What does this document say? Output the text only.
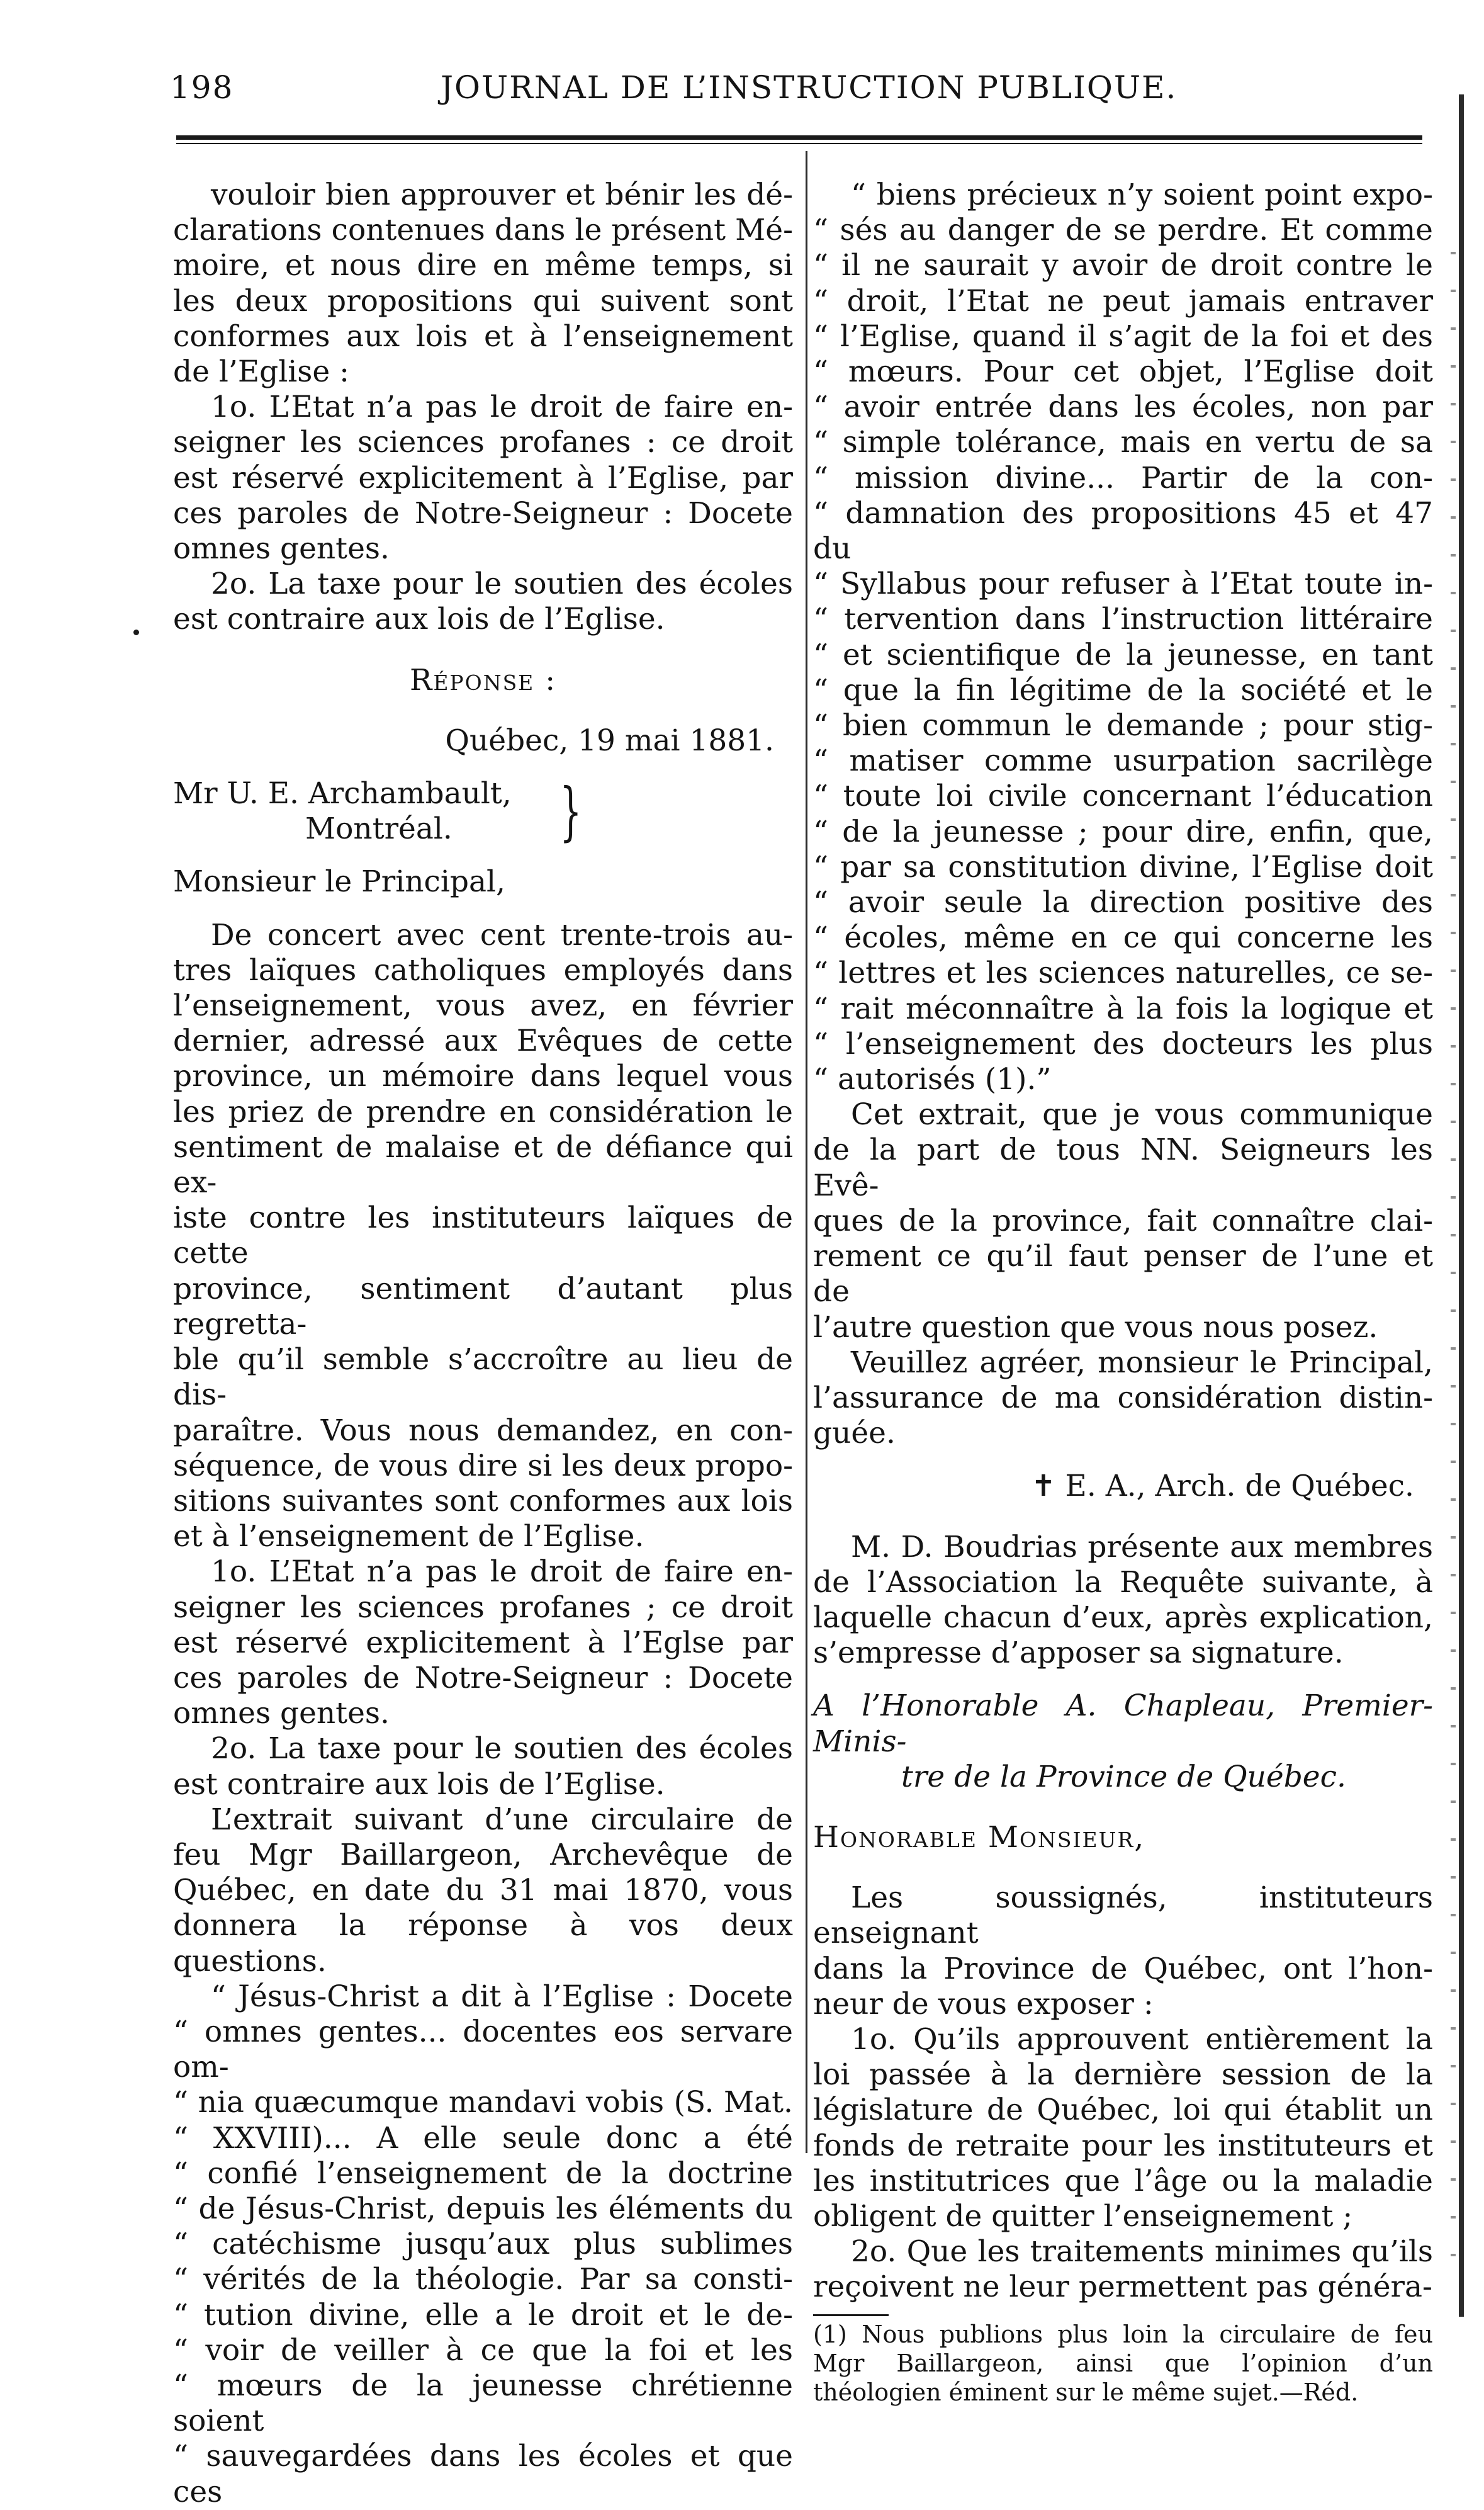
198	JOURNAL DE L’INSTRUCTION PUBLIQUE.
vouloir bien approuver et bénir les dé-
clarations contenues dans le présent Mé-
moire, et nous dire en même temps, si
les deux propositions qui suivent sont
conformes aux lois et à l’enseignement
de l’Eglise :
1o. L’Etat n’a pas le droit de faire en-
seigner les sciences profanes : ce droit
est réservé explicitement à l’Eglise, par
ces paroles de Notre-Seigneur : Docete
omnes gentes.
2o. La taxe pour le soutien des écoles
est contraire aux lois de l’Eglise.
Réponse :
Québec, 19 mai 1881.
Mr U. E. Archambault,
Montréal.	}
Monsieur le Principal,
De concert avec cent trente-trois au-
tres laïques catholiques employés dans
l’enseignement, vous avez, en février
dernier, adressé aux Evêques de cette
province, un mémoire dans lequel vous
les priez de prendre en considération le
sentiment de malaise et de défiance qui ex-
iste contre les instituteurs laïques de cette
province, sentiment d’autant plus regretta-
ble qu’il semble s’accroître au lieu de dis-
paraître. Vous nous demandez, en con-
séquence, de vous dire si les deux propo-
sitions suivantes sont conformes aux lois
et à l’enseignement de l’Eglise.
1o. L’Etat n’a pas le droit de faire en-
seigner les sciences profanes ; ce droit
est réservé explicitement à l’Eglse par
ces paroles de Notre-Seigneur : Docete
omnes gentes.
2o. La taxe pour le soutien des écoles
est contraire aux lois de l’Eglise.
L’extrait suivant d’une circulaire de
feu Mgr Baillargeon, Archevêque de
Québec, en date du 31 mai 1870, vous
donnera la réponse à vos deux questions.
“ Jésus-Christ a dit à l’Eglise : Docete
“ omnes gentes... docentes eos servare om-
“ nia quæcumque mandavi vobis (S. Mat.
“ XXVIII)... A elle seule donc a été
“ confié l’enseignement de la doctrine
“ de Jésus-Christ, depuis les éléments du
“ catéchisme jusqu’aux plus sublimes
“ vérités de la théologie. Par sa consti-
“ tution divine, elle a le droit et le de-
“ voir de veiller à ce que la foi et les
“ mœurs de la jeunesse chrétienne soient
“ sauvegardées dans les écoles et que ces
“ biens précieux n’y soient point expo-
“ sés au danger de se perdre. Et comme
“ il ne saurait y avoir de droit contre le
“ droit, l’Etat ne peut jamais entraver
“ l’Eglise, quand il s’agit de la foi et des
“ mœurs. Pour cet objet, l’Eglise doit
“ avoir entrée dans les écoles, non par
“ simple tolérance, mais en vertu de sa
“ mission divine... Partir de la con-
“ damnation des propositions 45 et 47 du
“ Syllabus pour refuser à l’Etat toute in-
“ tervention dans l’instruction littéraire
“ et scientifique de la jeunesse, en tant
“ que la fin légitime de la société et le
“ bien commun le demande ; pour stig-
“ matiser comme usurpation sacrilège
“ toute loi civile concernant l’éducation
“ de la jeunesse ; pour dire, enfin, que,
“ par sa constitution divine, l’Eglise doit
“ avoir seule la direction positive des
“ écoles, même en ce qui concerne les
“ lettres et les sciences naturelles, ce se-
“ rait méconnaître à la fois la logique et
“ l’enseignement des docteurs les plus
“ autorisés (1).”
Cet extrait, que je vous communique
de la part de tous NN. Seigneurs les Evê-
ques de la province, fait connaître clai-
rement ce qu’il faut penser de l’une et de
l’autre question que vous nous posez.
Veuillez agréer, monsieur le Principal,
l’assurance de ma considération distin-
guée.
✝ E. A., Arch. de Québec.
M. D. Boudrias présente aux membres
de l’Association la Requête suivante, à
laquelle chacun d’eux, après explication,
s’empresse d’apposer sa signature.
A l’Honorable A. Chapleau, Premier-Minis-
tre de la Province de Québec.
Honorable Monsieur,
Les soussignés, instituteurs enseignant
dans la Province de Québec, ont l’hon-
neur de vous exposer :
1o. Qu’ils approuvent entièrement la
loi passée à la dernière session de la
législature de Québec, loi qui établit un
fonds de retraite pour les instituteurs et
les institutrices que l’âge ou la maladie
obligent de quitter l’enseignement ;
2o. Que les traitements minimes qu’ils
reçoivent ne leur permettent pas généra-
(1) Nous publions plus loin la circulaire de feu Mgr Baillargeon, ainsi que l’opinion d’un théologien éminent sur le même sujet.—Réd.
